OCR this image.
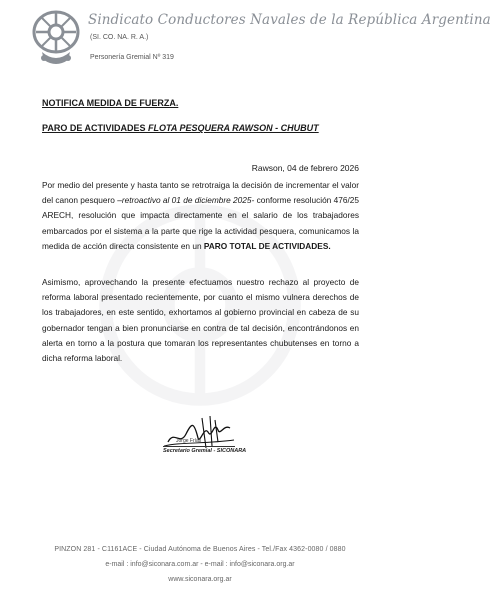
Sindicato Conductores Navales de la República Argentina
(SI. CO. NA. R. A.)
Personería Gremial Nº 319
NOTIFICA MEDIDA DE FUERZA.
PARO DE ACTIVIDADES FLOTA PESQUERA RAWSON - CHUBUT
Rawson, 04 de febrero 2026

Por medio del presente y hasta tanto se retrotraiga la decisión de incrementar el valor del canon pesquero –retroactivo al 01 de diciembre 2025- conforme resolución 476/25 ARECH, resolución que impacta directamente en el salario de los trabajadores embarcados por el sistema a la parte que rige la actividad pesquera, comunicamos la medida de acción directa consistente en un PARO TOTAL DE ACTIVIDADES.

Asimismo, aprovechando la presente efectuamos nuestro rechazo al proyecto de reforma laboral presentado recientemente, por cuanto el mismo vulnera derechos de los trabajadores, en este sentido, exhortamos al gobierno provincial en cabeza de su gobernador tengan a bien pronunciarse en contra de tal decisión, encontrándonos en alerta en torno a la postura que tomaran los representantes chubutenses en torno a dicha reforma laboral.

Jorge Frías
Secretario Gremial - SICONARA
PINZON 281 - C1161ACE - Ciudad Autónoma de Buenos Aires - Tel./Fax 4362-0080 / 0880
e-mail : info@siconara.com.ar - e-mail : info@siconara.org.ar
www.siconara.org.ar
